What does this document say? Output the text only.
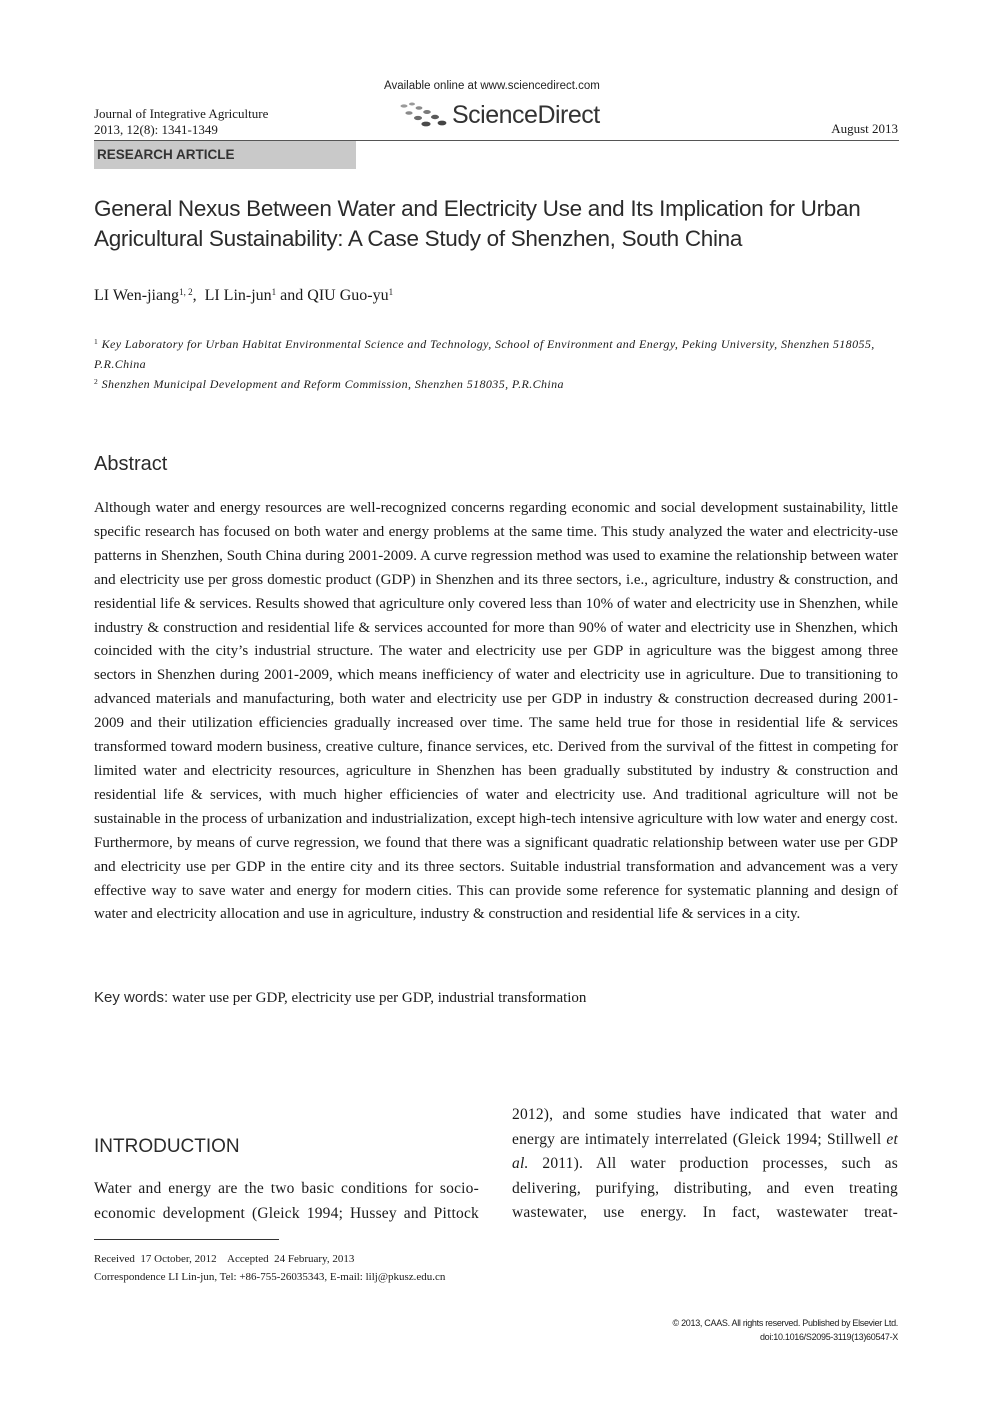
Journal of Integrative Agriculture
2013, 12(8): 1341-1349
Available online at www.sciencedirect.com
ScienceDirect	August 2013
RESEARCH ARTICLE
General Nexus Between Water and Electricity Use and Its Implication for Urban Agricultural Sustainability: A Case Study of Shenzhen, South China
LI Wen-jiang$^{1, 2}$,  LI Lin-jun$^1$ and QIU Guo-$yu^1$
$^1$ Key Laboratory for Urban Habitat Environmental Science and Technology, School of Environment and Energy, Peking University, Shenzhen 518055, P.R.China
$^2$ Shenzhen Municipal Development and Reform Commission, Shenzhen 518035, P.R.China
Abstract
Although water and energy resources are well-recognized concerns regarding economic and social development sustainability, little specific research has focused on both water and energy problems at the same time. This study analyzed the water and electricity-use patterns in Shenzhen, South China during 2001-2009. A curve regression method was used to examine the relationship between water and electricity use per gross domestic product (GDP) in Shenzhen and its three sectors, i.e., agriculture, industry & construction, and residential life & services. Results showed that agriculture only covered less than 10% of water and electricity use in Shenzhen, while industry & construction and residential life & services accounted for more than 90% of water and electricity use in Shenzhen, which coincided with the city’s industrial structure. The water and electricity use per GDP in agriculture was the biggest among three sectors in Shenzhen during 2001-2009, which means inefficiency of water and electricity use in agriculture. Due to transitioning to advanced materials and manufacturing, both water and electricity use per GDP in industry & construction decreased during 2001-2009 and their utilization efficiencies gradually increased over time. The same held true for those in residential life & services transformed toward modern business, creative culture, finance services, etc. Derived from the survival of the fittest in competing for limited water and electricity resources, agriculture in Shenzhen has been gradually substituted by industry & construction and residential life & services, with much higher efficiencies of water and electricity use. And traditional agriculture will not be sustainable in the process of urbanization and industrialization, except high-tech intensive agriculture with low water and energy cost. Furthermore, by means of curve regression, we found that there was a significant quadratic relationship between water use per GDP and electricity use per GDP in the entire city and its three sectors. Suitable industrial transformation and advancement was a very effective way to save water and energy for modern cities. This can provide some reference for systematic planning and design of water and electricity allocation and use in agriculture, industry & construction and residential life & services in a city.
Key words: water use per GDP, electricity use per GDP, industrial transformation
INTRODUCTION
Water and energy are the two basic conditions for socio-economic development (Gleick 1994; Hussey and Pittock
2012), and some studies have indicated that water and energy are intimately interrelated (Gleick 1994; Stillwell et al. 2011). All water production processes, such as delivering, purifying, distributing, and even treating wastewater, use energy. In fact, wastewater treat-
Received  17 October, 2012    Accepted  24 February, 2013
Correspondence LI Lin-jun, Tel: +86-755-26035343, E-mail: lilj@pkusz.edu.cn
© 2013, CAAS. All rights reserved. Published by Elsevier Ltd.
doi:10.1016/S2095-3119(13)60547-X
